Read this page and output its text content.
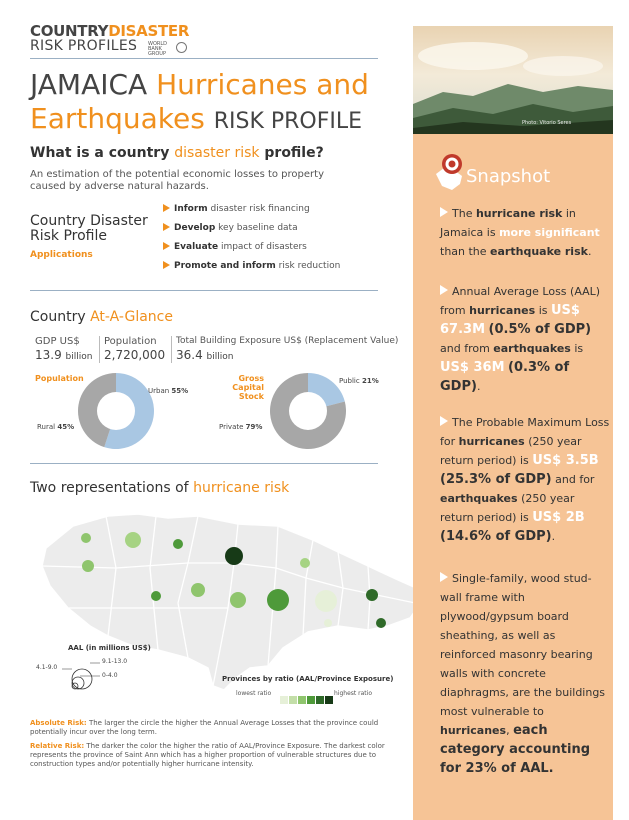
COUNTRYDISASTER
RISK PROFILES WORLD BANK GROUP
JAMAICA Hurricanes and
Earthquakes RISK PROFILE
What is a country disaster risk profile?
An estimation of the potential economic losses to property caused by adverse natural hazards.
Country Disaster Risk Profile
Applications
Inform disaster risk financing
Develop key baseline data
Evaluate impact of disasters
Promote and inform risk reduction
Country At-A-Glance
GDP US$
13.9 billion
Population
2,720,000
Total Building Exposure US$ (Replacement Value)
36.4 billion
Population
Urban 55%
Rural 45%
Gross Capital
Stock
Public 21%
Private 79%
Two representations of hurricane risk
AAL (in millions US$)
4.1-9.0
9.1-13.0
0-4.0	Provinces by ratio (AAL/Province Exposure)
lowest ratio	highest ratio
Absolute Risk: The larger the circle the higher the Annual Average Losses that the province could potentially incur over the long term.
Relative Risk: The darker the color the higher the ratio of AAL/Province Exposure. The darkest color represents the province of Saint Ann which has a higher proportion of vulnerable structures due to construction types and/or potentially higher hurricane intensity.
Photo: Vitorio Seres
Snapshot
The hurricane risk in Jamaica is more significant than the earthquake risk.
Annual Average Loss (AAL) from hurricanes is US$ 67.3M (0.5% of GDP) and from earthquakes is US$ 36M (0.3% of GDP).
The Probable Maximum Loss for hurricanes (250 year return period) is US$ 3.5B (25.3% of GDP) and for earthquakes (250 year return period) is US$ 2B (14.6% of GDP).
Single-family, wood stud-wall frame with plywood/gypsum board sheathing, as well as reinforced masonry bearing walls with concrete diaphragms, are the buildings most vulnerable to hurricanes, each category accounting for 23% of AAL.
